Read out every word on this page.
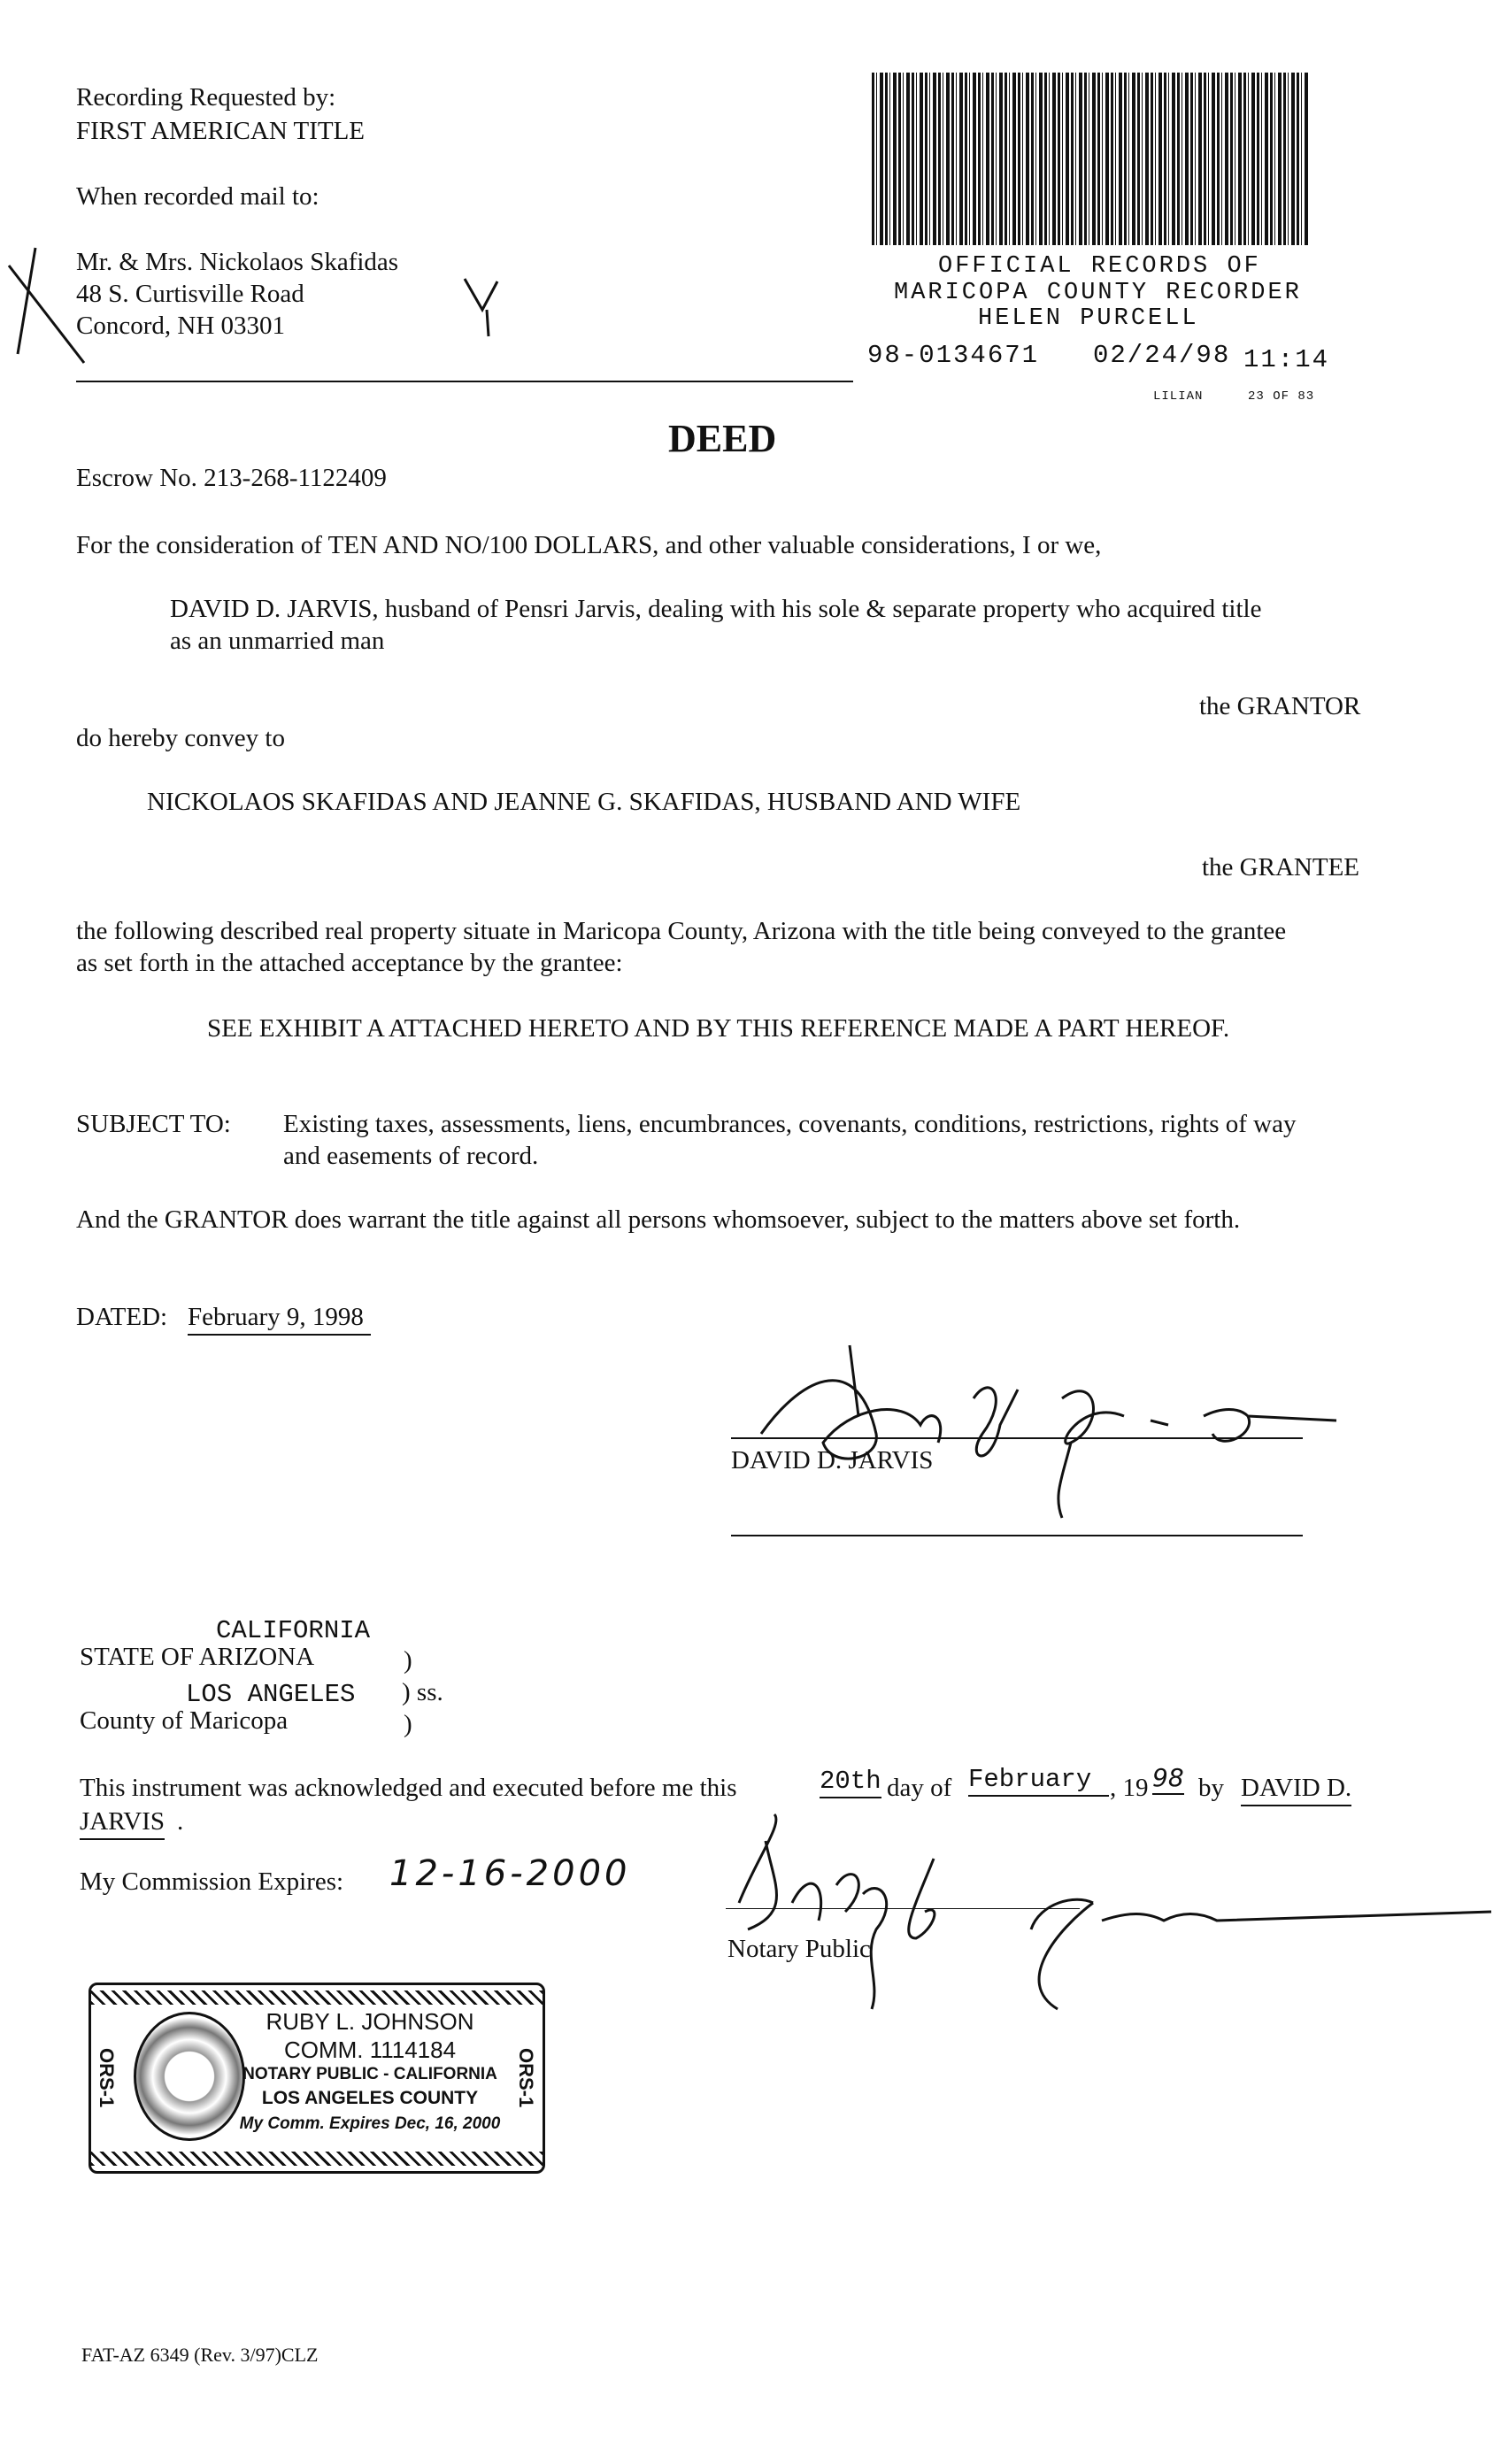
Recording Requested by:
FIRST AMERICAN TITLE
When recorded mail to:
Mr. & Mrs. Nickolaos Skafidas
48 S. Curtisville Road
Concord, NH 03301
OFFICIAL RECORDS OF
MARICOPA COUNTY RECORDER
HELEN PURCELL
98-0134671 02/24/98 11:14
LILIAN	23 OF 83
DEED
Escrow No. 213-268-1122409
For the consideration of TEN AND NO/100 DOLLARS, and other valuable considerations, I or we,
DAVID D. JARVIS, husband of Pensri Jarvis, dealing with his sole & separate property who acquired title
as an unmarried man
the GRANTOR
do hereby convey to
NICKOLAOS SKAFIDAS AND JEANNE G. SKAFIDAS, HUSBAND AND WIFE
the GRANTEE
the following described real property situate in Maricopa County, Arizona with the title being conveyed to the grantee
as set forth in the attached acceptance by the grantee:
SEE EXHIBIT A ATTACHED HERETO AND BY THIS REFERENCE MADE A PART HEREOF.
SUBJECT TO: Existing taxes, assessments, liens, encumbrances, covenants, conditions, restrictions, rights of way
and easements of record.
And the GRANTOR does warrant the title against all persons whomsoever, subject to the matters above set forth.
DATED: February 9, 1998
DAVID D. JARVIS
CALIFORNIA
STATE OF ARIZONA	)
LOS ANGELES ) ss.
County of Maricopa	)
This instrument was acknowledged and executed before me this	20th day of February , 19 98 by DAVID D.
JARVIS .
My Commission Expires: 12-16-2000
Notary Public
ORS-1	ORS-1
RUBY L. JOHNSON
COMM. 1114184
NOTARY PUBLIC - CALIFORNIA
LOS ANGELES COUNTY
My Comm. Expires Dec, 16, 2000
FAT-AZ 6349 (Rev. 3/97)CLZ
